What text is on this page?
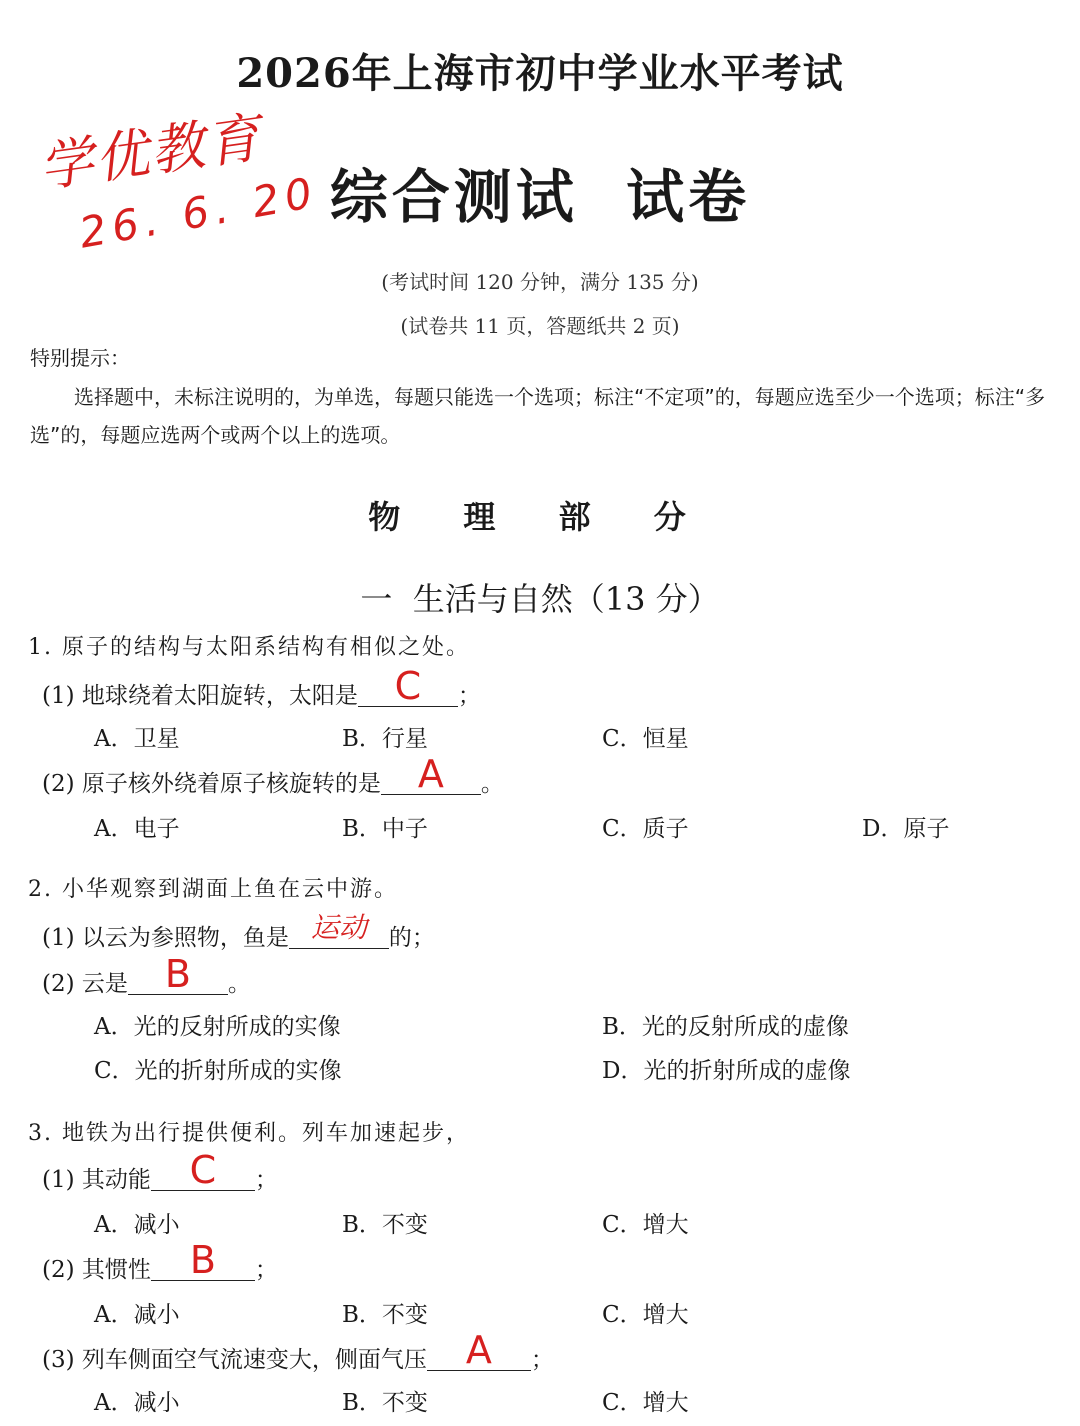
2026年上海市初中学业水平考试
学优教育
26. 6. 20 综合测试  试卷
(考试时间 120 分钟，满分 135 分)
(试卷共 11 页，答题纸共 2 页)
特别提示：
选择题中，未标注说明的，为单选，每题只能选一个选项；标注“不定项”的，每题应选至少一个选项；标注“多选”的，每题应选两个或两个以上的选项。
物 理 部 分
一  生活与自然（13 分）
1. 原子的结构与太阳系结构有相似之处。
(1) 地球绕着太阳旋转，太阳是 C	；
A．卫星	B．行星	C．恒星
(2) 原子核外绕着原子核旋转的是 A	。
A．电子	B．中子	C．质子	D．原子
2. 小华观察到湖面上鱼在云中游。
(1) 以云为参照物，鱼是 运动 的；
(2) 云是 B	。
A．光的反射所成的实像	B．光的反射所成的虚像
C．光的折射所成的实像	D．光的折射所成的虚像
3. 地铁为出行提供便利。列车加速起步，
(1) 其动能	C	；
A．减小	B．不变	C．增大
(2) 其惯性	B	；
A．减小	B．不变	C．增大
(3) 列车侧面空气流速变大，侧面气压	A	；
A．减小	B．不变	C．增大
